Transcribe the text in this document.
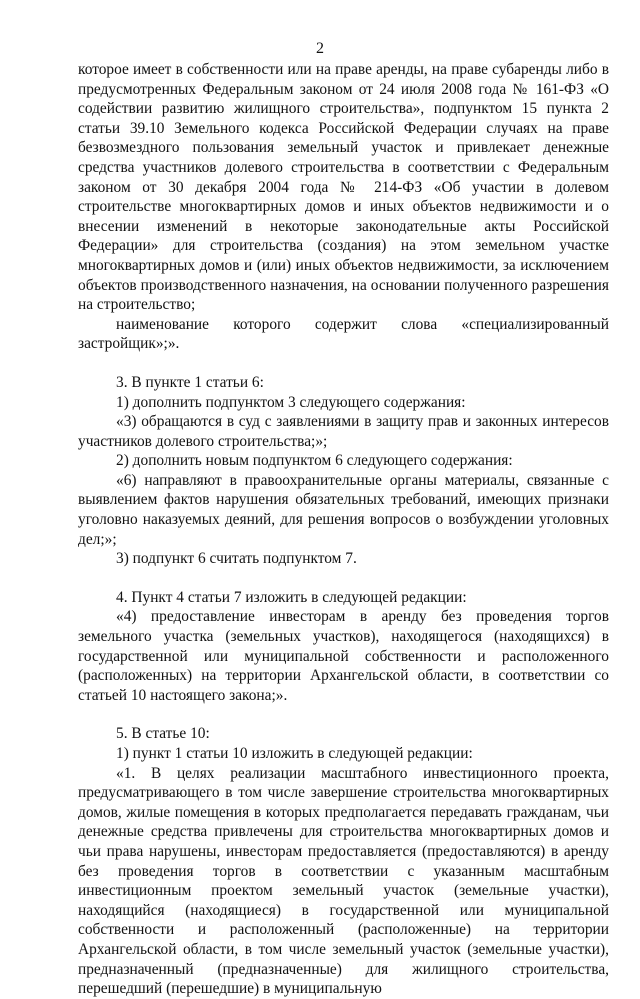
2

которое имеет в собственности или на праве аренды, на праве субаренды либо в предусмотренных Федеральным законом от 24 июля 2008 года № 161-ФЗ «О содействии развитию жилищного строительства», подпунктом 15 пункта 2 статьи 39.10 Земельного кодекса Российской Федерации случаях на праве безвозмездного пользования земельный участок и привлекает денежные средства участников долевого строительства в соответствии с Федеральным законом от 30 декабря 2004 года № 214-ФЗ «Об участии в долевом строительстве многоквартирных домов и иных объектов недвижимости и о внесении изменений в некоторые законодательные акты Российской Федерации» для строительства (создания) на этом земельном участке многоквартирных домов и (или) иных объектов недвижимости, за исключением объектов производственного назначения, на основании полученного разрешения на строительство;

наименование которого содержит слова «специализированный застройщик»;».

3. В пункте 1 статьи 6:

1) дополнить подпунктом 3 следующего содержания:

«3) обращаются в суд с заявлениями в защиту прав и законных интересов участников долевого строительства;»;

2) дополнить новым подпунктом 6 следующего содержания:

«6) направляют в правоохранительные органы материалы, связанные с выявлением фактов нарушения обязательных требований, имеющих признаки уголовно наказуемых деяний, для решения вопросов о возбуждении уголовных дел;»;

3) подпункт 6 считать подпунктом 7.

4. Пункт 4 статьи 7 изложить в следующей редакции:

«4) предоставление инвесторам в аренду без проведения торгов земельного участка (земельных участков), находящегося (находящихся) в государственной или муниципальной собственности и расположенного (расположенных) на территории Архангельской области, в соответствии со статьей 10 настоящего закона;».

5. В статье 10:

1) пункт 1 статьи 10 изложить в следующей редакции:

«1. В целях реализации масштабного инвестиционного проекта, предусматривающего в том числе завершение строительства многоквартирных домов, жилые помещения в которых предполагается передавать гражданам, чьи денежные средства привлечены для строительства многоквартирных домов и чьи права нарушены, инвесторам предоставляется (предоставляются) в аренду без проведения торгов в соответствии с указанным масштабным инвестиционным проектом земельный участок (земельные участки), находящийся (находящиеся) в государственной или муниципальной собственности и расположенный (расположенные) на территории Архангельской области, в том числе земельный участок (земельные участки), предназначенный (предназначенные) для жилищного строительства, перешедший (перешедшие) в муниципальную
